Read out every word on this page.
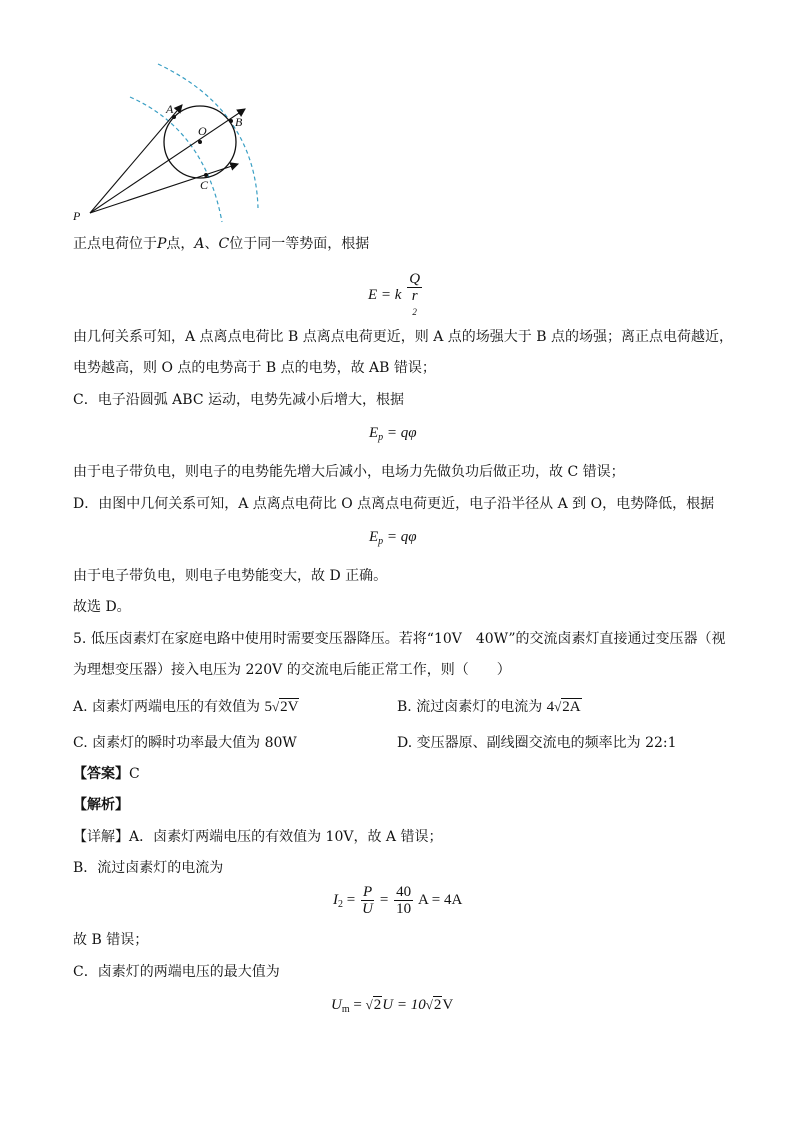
A
O
B
C
P
正点电荷位于P点，A、C位于同一等势面，根据
E = k Q
r
2
由几何关系可知，A 点离点电荷比 B 点离点电荷更近，则 A 点的场强大于 B 点的场强；离正点电荷越近，
电势越高，则 O 点的电势高于 B 点的电势，故 AB 错误；
C．电子沿圆弧 ABC 运动，电势先减小后增大，根据
$E_p = q\varphi$
由于电子带负电，则电子的电势能先增大后减小，电场力先做负功后做正功，故 C 错误；
D．由图中几何关系可知，A 点离点电荷比 O 点离点电荷更近，电子沿半径从 A 到 O，电势降低，根据
$E_p = q\varphi$
由于电子带负电，则电子电势能变大，故 D 正确。
故选 D。
5. 低压卤素灯在家庭电路中使用时需要变压器降压。若将“10V　40W”的交流卤素灯直接通过变压器（视
为理想变压器）接入电压为 220V 的交流电后能正常工作，则（　　）
A. 卤素灯两端电压的有效值为 5√2V	B. 流过卤素灯的电流为 4√2A
C. 卤素灯的瞬时功率最大值为 80W	D. 变压器原、副线圈交流电的频率比为 22:1
【答案】C
【解析】
【详解】A．卤素灯两端电压的有效值为 10V，故 A 错误；
B．流过卤素灯的电流为
$I_2 = \frac{P}{U} = \frac{40}{10}$ A = 4A
故 B 错误；
C．卤素灯的两端电压的最大值为
$U_m = √2U = 10√2V$
